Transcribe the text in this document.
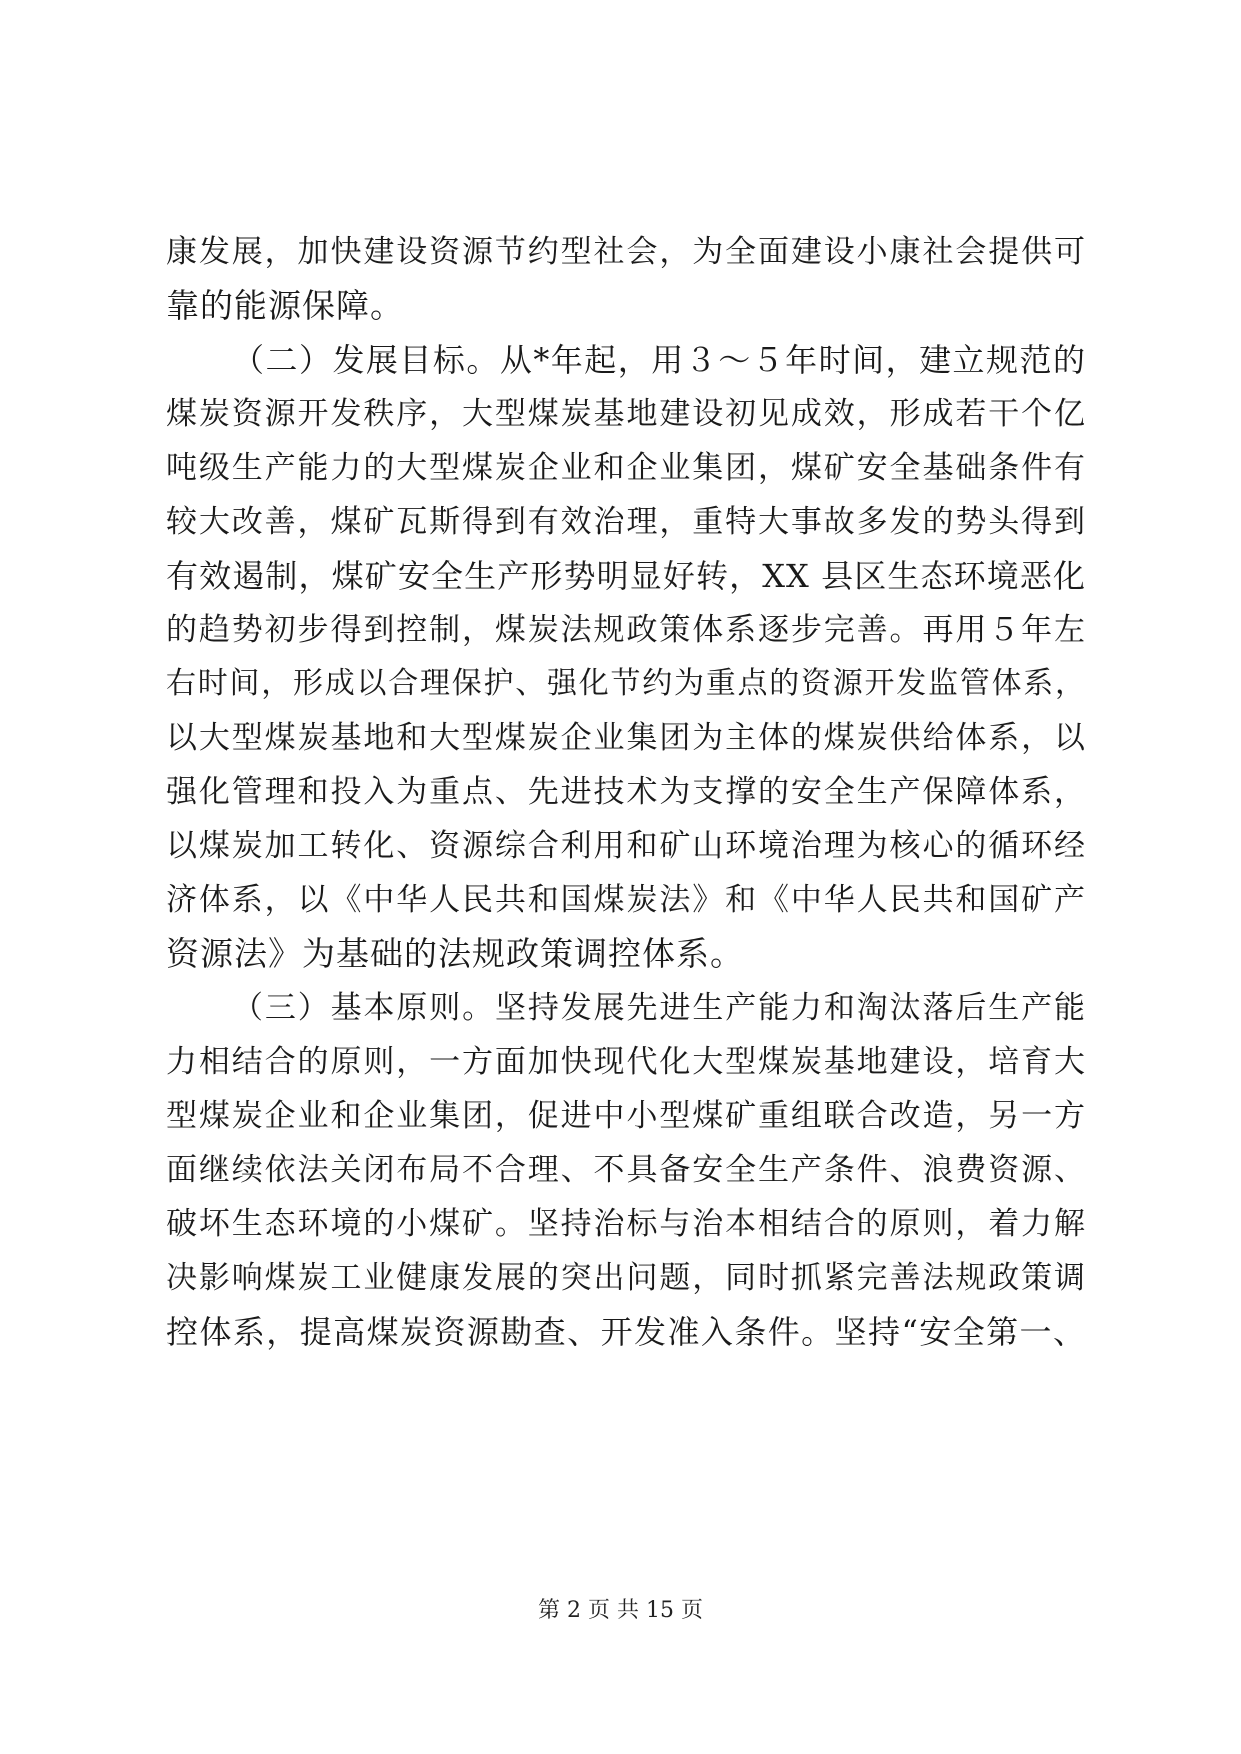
康发展，加快建设资源节约型社会，为全面建设小康社会提供可
靠的能源保障。
（二）发展目标。从*年起，用３～５年时间，建立规范的
煤炭资源开发秩序，大型煤炭基地建设初见成效，形成若干个亿
吨级生产能力的大型煤炭企业和企业集团，煤矿安全基础条件有
较大改善，煤矿瓦斯得到有效治理，重特大事故多发的势头得到
有效遏制，煤矿安全生产形势明显好转，XX 县区生态环境恶化
的趋势初步得到控制，煤炭法规政策体系逐步完善。再用５年左
右时间，形成以合理保护、强化节约为重点的资源开发监管体系，
以大型煤炭基地和大型煤炭企业集团为主体的煤炭供给体系，以
强化管理和投入为重点、先进技术为支撑的安全生产保障体系，
以煤炭加工转化、资源综合利用和矿山环境治理为核心的循环经
济体系，以《中华人民共和国煤炭法》和《中华人民共和国矿产
资源法》为基础的法规政策调控体系。
（三）基本原则。坚持发展先进生产能力和淘汰落后生产能
力相结合的原则，一方面加快现代化大型煤炭基地建设，培育大
型煤炭企业和企业集团，促进中小型煤矿重组联合改造，另一方
面继续依法关闭布局不合理、不具备安全生产条件、浪费资源、
破坏生态环境的小煤矿。坚持治标与治本相结合的原则，着力解
决影响煤炭工业健康发展的突出问题，同时抓紧完善法规政策调
控体系，提高煤炭资源勘查、开发准入条件。坚持“安全第一、
第 2 页 共 15 页
